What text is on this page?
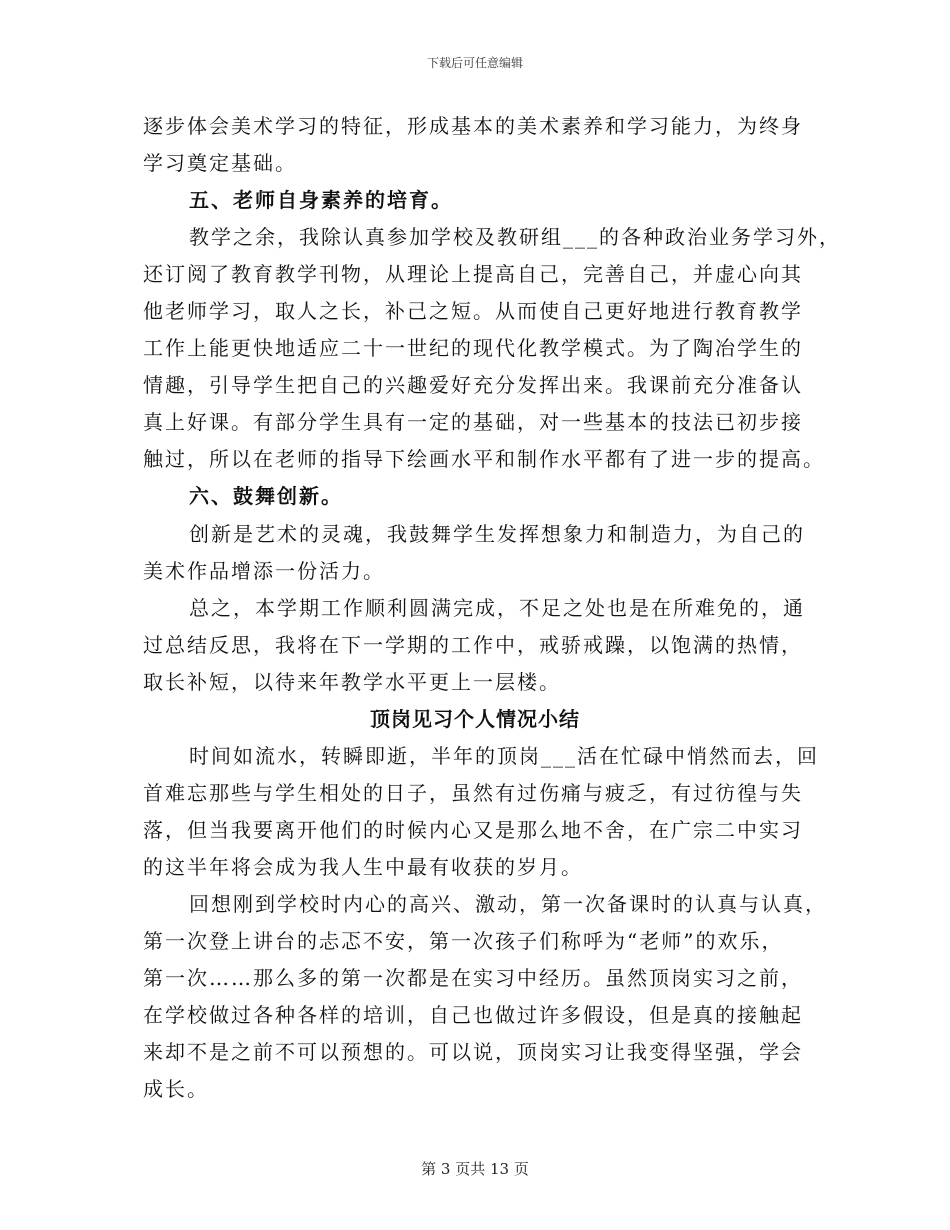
下载后可任意编辑
逐步体会美术学习的特征，形成基本的美术素养和学习能力，为终身
学习奠定基础。
五、老师自身素养的培育。
教学之余，我除认真参加学校及教研组___的各种政治业务学习外，
还订阅了教育教学刊物，从理论上提高自己，完善自己，并虚心向其
他老师学习，取人之长，补己之短。从而使自己更好地进行教育教学
工作上能更快地适应二十一世纪的现代化教学模式。为了陶冶学生的
情趣，引导学生把自己的兴趣爱好充分发挥出来。我课前充分准备认
真上好课。有部分学生具有一定的基础，对一些基本的技法已初步接
触过，所以在老师的指导下绘画水平和制作水平都有了进一步的提高。
六、鼓舞创新。
创新是艺术的灵魂，我鼓舞学生发挥想象力和制造力，为自己的
美术作品增添一份活力。
总之，本学期工作顺利圆满完成，不足之处也是在所难免的，通
过总结反思，我将在下一学期的工作中，戒骄戒躁，以饱满的热情，
取长补短，以待来年教学水平更上一层楼。
顶岗见习个人情况小结
时间如流水，转瞬即逝，半年的顶岗___活在忙碌中悄然而去，回
首难忘那些与学生相处的日子，虽然有过伤痛与疲乏，有过彷徨与失
落，但当我要离开他们的时候内心又是那么地不舍，在广宗二中实习
的这半年将会成为我人生中最有收获的岁月。
回想刚到学校时内心的高兴、激动，第一次备课时的认真与认真，
第一次登上讲台的忐忑不安，第一次孩子们称呼为“老师”的欢乐，
第一次……那么多的第一次都是在实习中经历。虽然顶岗实习之前，
在学校做过各种各样的培训，自己也做过许多假设，但是真的接触起
来却不是之前不可以预想的。可以说，顶岗实习让我变得坚强，学会
成长。
第 3 页共 13 页
